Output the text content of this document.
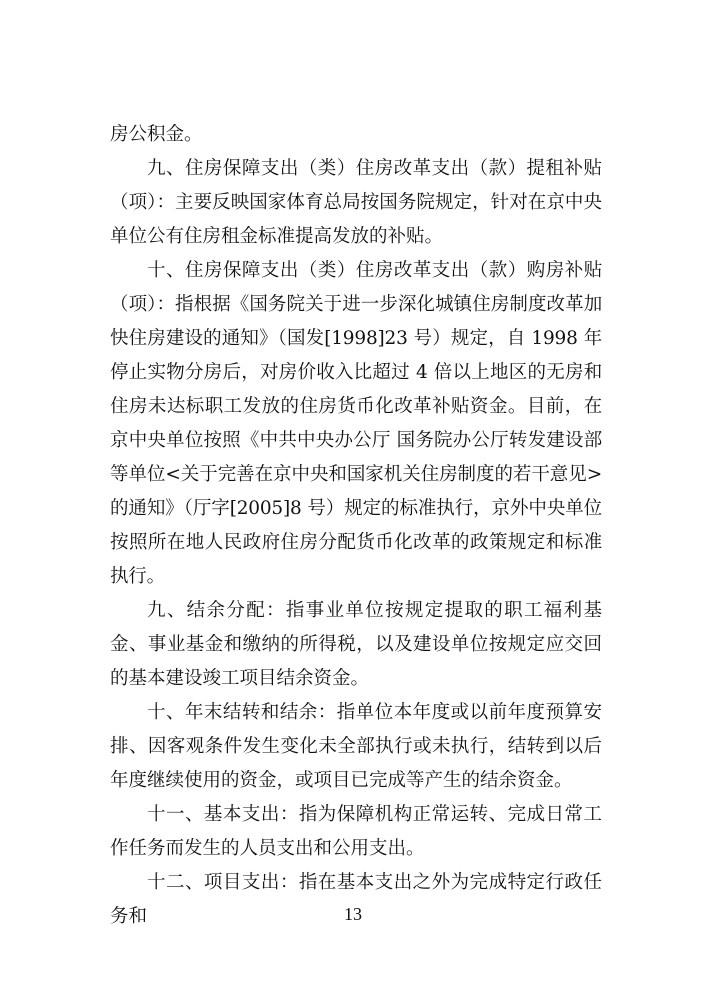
房公积金。

九、住房保障支出（类）住房改革支出（款）提租补贴（项）：主要反映国家体育总局按国务院规定，针对在京中央单位公有住房租金标准提高发放的补贴。

十、住房保障支出（类）住房改革支出（款）购房补贴（项）：指根据《国务院关于进一步深化城镇住房制度改革加快住房建设的通知》（国发[1998]23 号）规定，自 1998 年停止实物分房后，对房价收入比超过 4 倍以上地区的无房和住房未达标职工发放的住房货币化改革补贴资金。目前，在京中央单位按照《中共中央办公厅 国务院办公厅转发建设部等单位<关于完善在京中央和国家机关住房制度的若干意见>的通知》（厅字[2005]8 号）规定的标准执行，京外中央单位按照所在地人民政府住房分配货币化改革的政策规定和标准执行。

九、结余分配：指事业单位按规定提取的职工福利基金、事业基金和缴纳的所得税，以及建设单位按规定应交回的基本建设竣工项目结余资金。

十、年末结转和结余：指单位本年度或以前年度预算安排、因客观条件发生变化未全部执行或未执行，结转到以后年度继续使用的资金，或项目已完成等产生的结余资金。

十一、基本支出：指为保障机构正常运转、完成日常工作任务而发生的人员支出和公用支出。

十二、项目支出：指在基本支出之外为完成特定行政任务和	13
